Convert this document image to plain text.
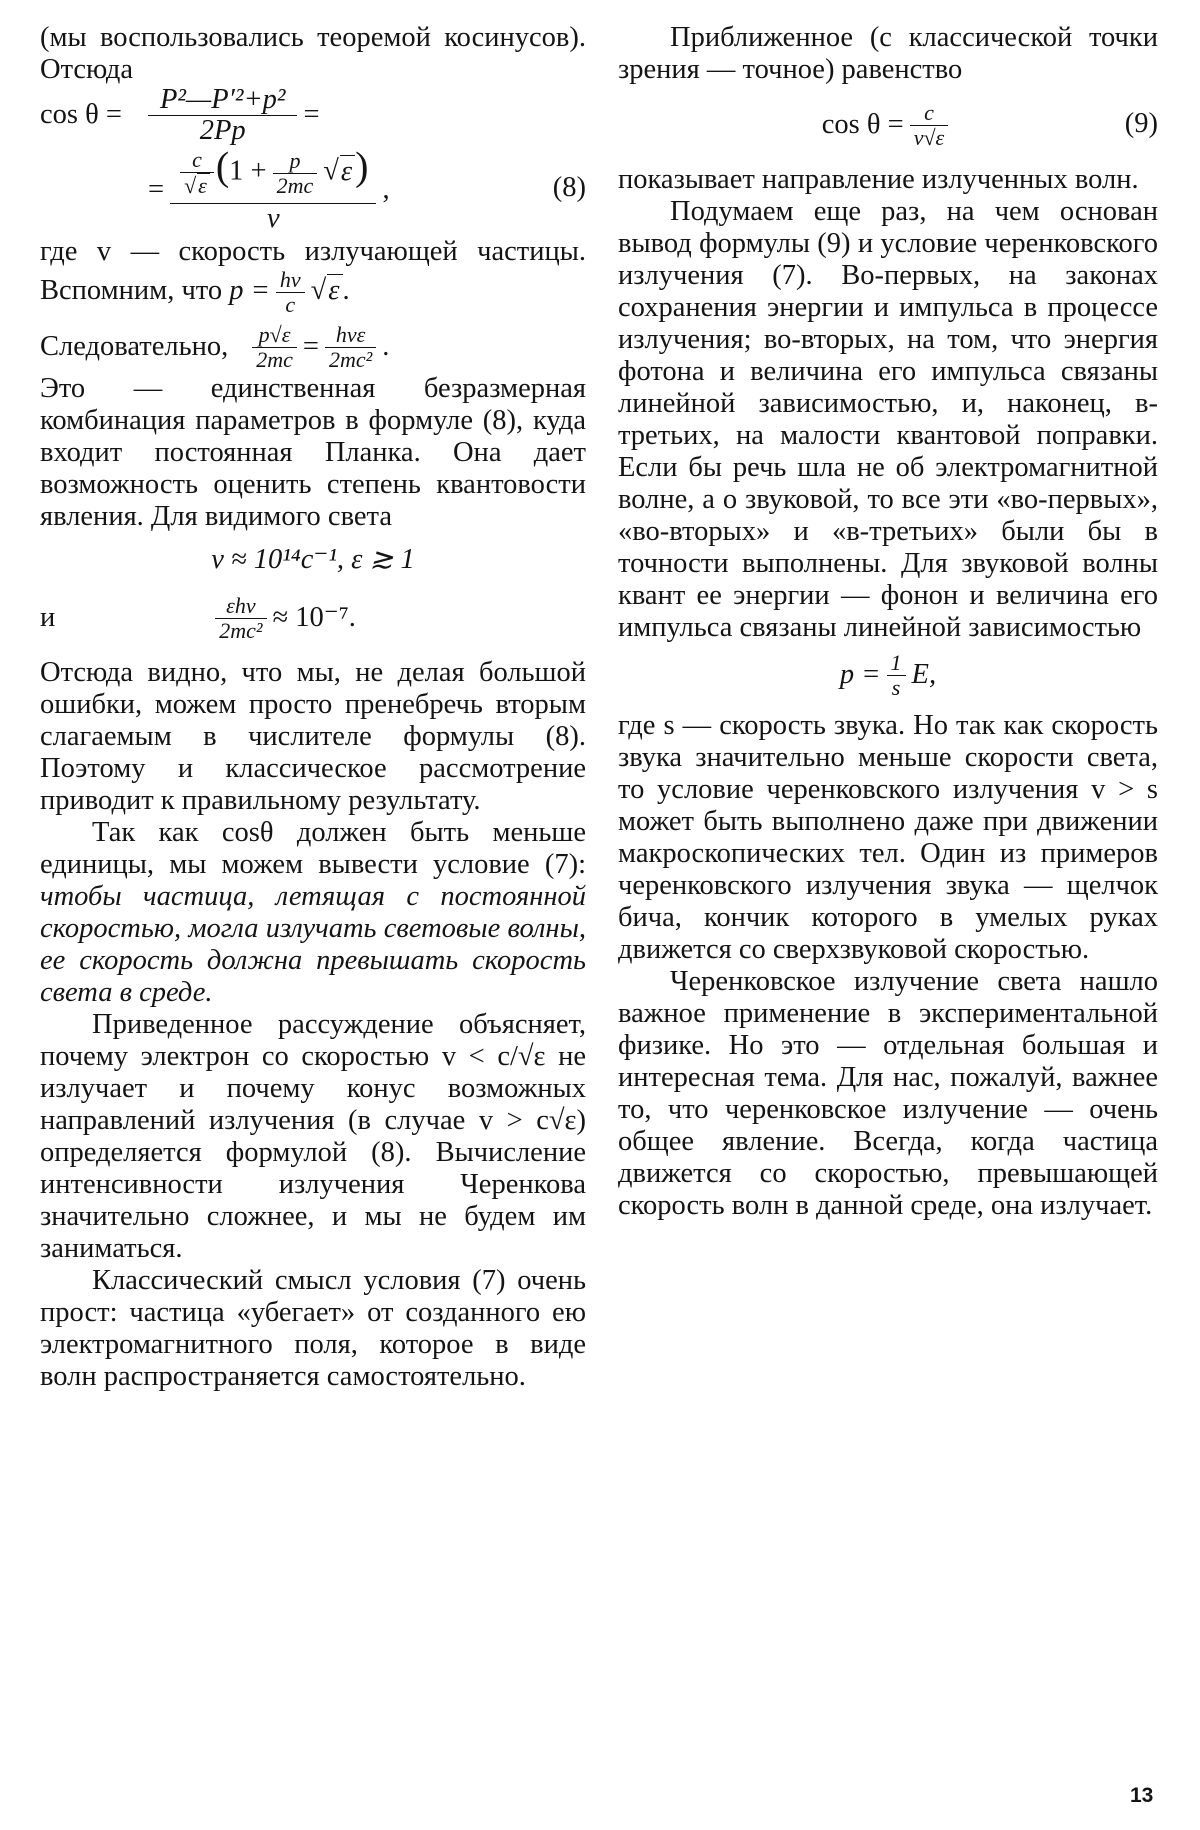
(мы воспользовались теоремой косинусов). Отсюда

$\cos \theta = \frac{\text{P²—P′²+p²}}{2Pp}$ =
= $\frac{c}{√\varepsilon} (1 + \frac{p}{2mc} √\varepsilon)$
v
,	(8)

где v — скорость излучающей частицы. Вспомним, что $p = \frac{h\nu}{c} √\varepsilon$ .

Следовательно, $\frac{p√\varepsilon}{2mc} = \frac{\text{hνε}}{\text{2mc²}}$ .

Это — единственная безразмерная комбинация параметров в формуле (8), куда входит постоянная Планка. Она дает возможность оценить степень квантовости явления. Для видимого света

ν ≈ 10¹⁴c⁻¹, ε ≳ 1
и	$\frac{\text{εhν}}{\text{2mc²}} \approx 10^{-7}$.

Отсюда видно, что мы, не делая большой ошибки, можем просто пренебречь вторым слагаемым в числителе формулы (8). Поэтому и классическое рассмотрение приводит к правильному результату.

Так как cosθ должен быть меньше единицы, мы можем вывести условие (7): чтобы частица, летящая с постоянной скоростью, могла излучать световые волны, ее скорость должна превышать скорость света в среде.

Приведенное рассуждение объясняет, почему электрон со скоростью v < c/√ε не излучает и почему конус возможных направлений излучения (в случае v > c√ε) определяется формулой (8). Вычисление интенсивности излучения Черенкова значительно сложнее, и мы не будем им заниматься.

Классический смысл условия (7) очень прост: частица «убегает» от созданного ею электромагнитного поля, которое в виде волн распространяется самостоятельно.

Приближенное (с классической точки зрения — точное) равенство

$\cos \theta = \frac{c}{v√\varepsilon}$	(9)

показывает направление излученных волн.

Подумаем еще раз, на чем основан вывод формулы (9) и условие черенковского излучения (7). Во-первых, на законах сохранения энергии и импульса в процессе излучения; во-вторых, на том, что энергия фотона и величина его импульса связаны линейной зависимостью, и, наконец, в-третьих, на малости квантовой поправки. Если бы речь шла не об электромагнитной волне, а о звуковой, то все эти «во-первых», «во-вторых» и «в-третьих» были бы в точности выполнены. Для звуковой волны квант ее энергии — фонон и величина его импульса связаны линейной зависимостью

$p = \frac{1}{s} E$,

где s — скорость звука. Но так как скорость звука значительно меньше скорости света, то условие черенковского излучения v > s может быть выполнено даже при движении макроскопических тел. Один из примеров черенковского излучения звука — щелчок бича, кончик которого в умелых руках движется со сверхзвуковой скоростью.

Черенковское излучение света нашло важное применение в экспериментальной физике. Но это — отдельная большая и интересная тема. Для нас, пожалуй, важнее то, что черенковское излучение — очень общее явление. Всегда, когда частица движется со скоростью, превышающей скорость волн в данной среде, она излучает.

13
